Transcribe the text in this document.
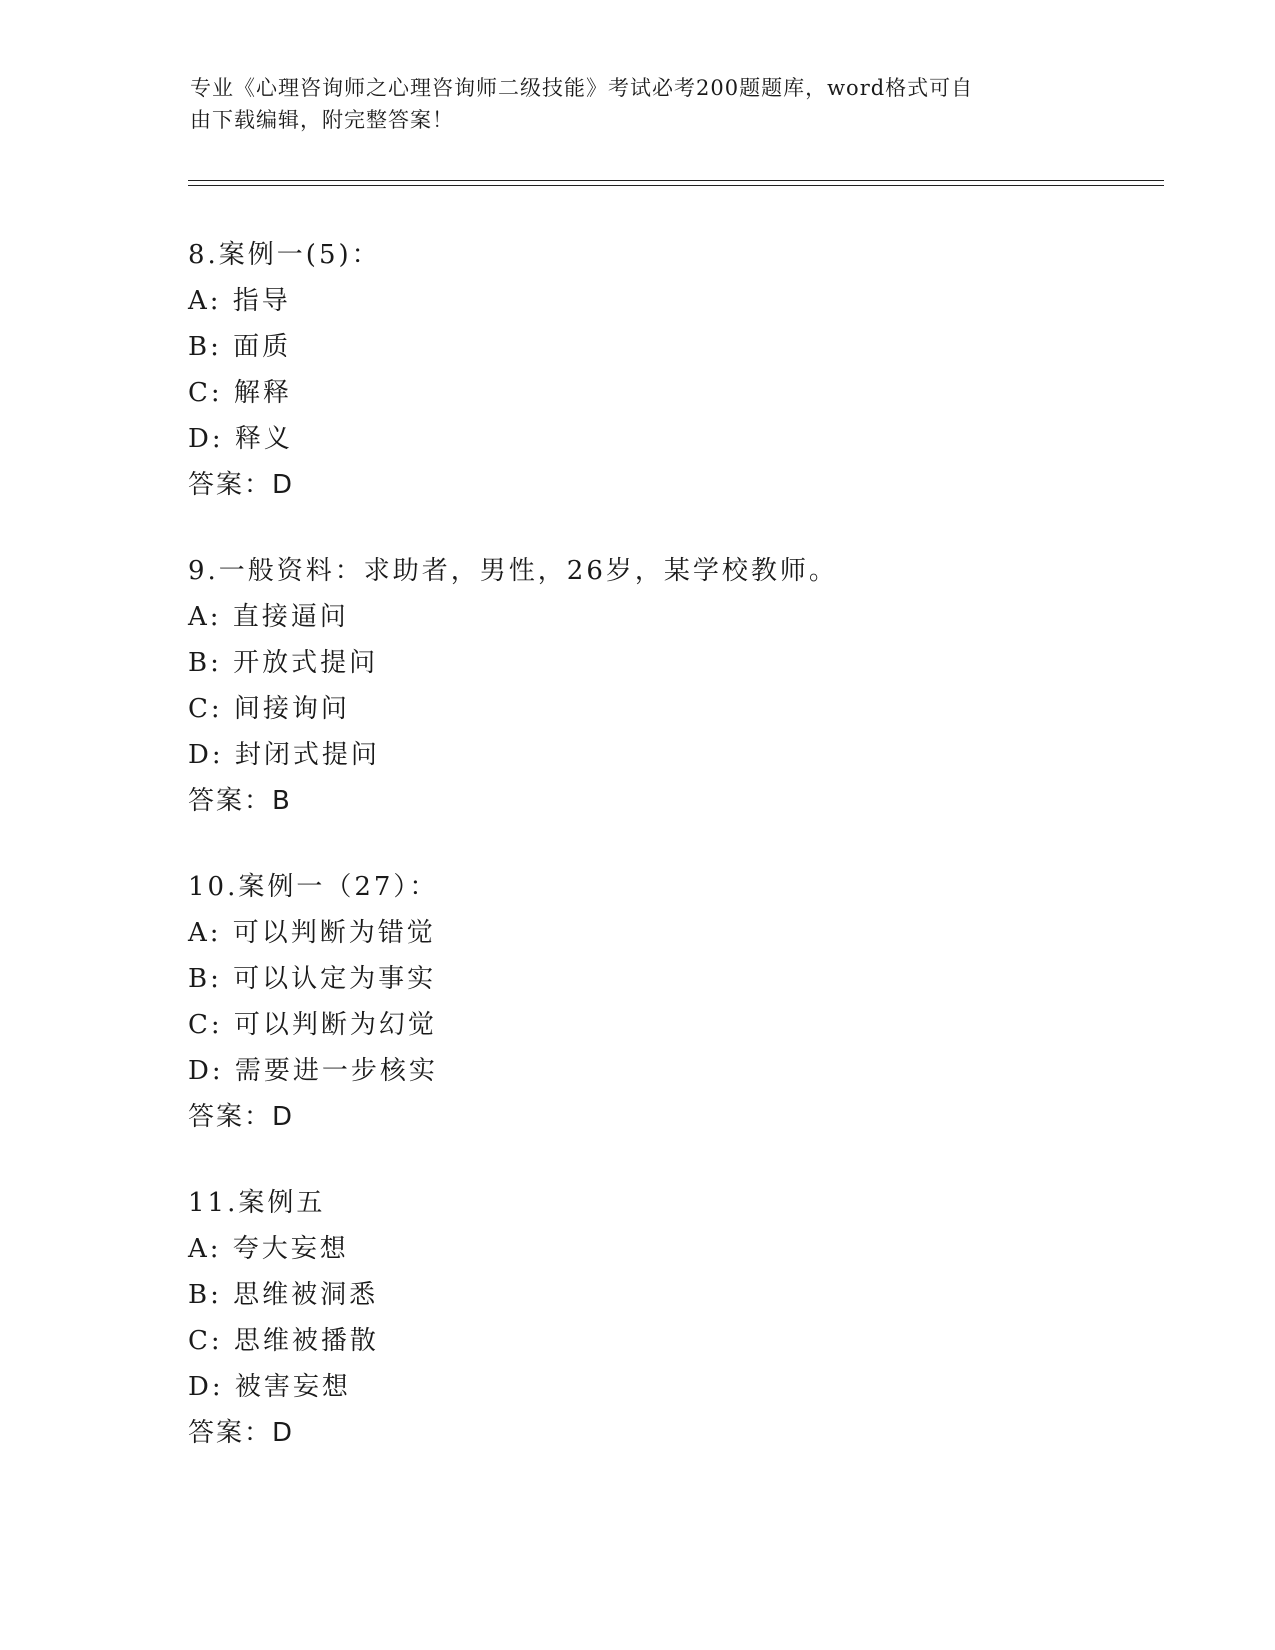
专业《心理咨询师之心理咨询师二级技能》考试必考200题题库，word格式可自
由下载编辑，附完整答案！
8.案例一(5)：
A: 指导
B: 面质
C: 解释
D: 释义
答案：D
9.一般资料：求助者，男性，26岁，某学校教师。
A: 直接逼问
B: 开放式提问
C: 间接询问
D: 封闭式提问
答案：B
10.案例一（27）：
A: 可以判断为错觉
B: 可以认定为事实
C: 可以判断为幻觉
D: 需要进一步核实
答案：D
11.案例五
A: 夸大妄想
B: 思维被洞悉
C: 思维被播散
D: 被害妄想
答案：D
